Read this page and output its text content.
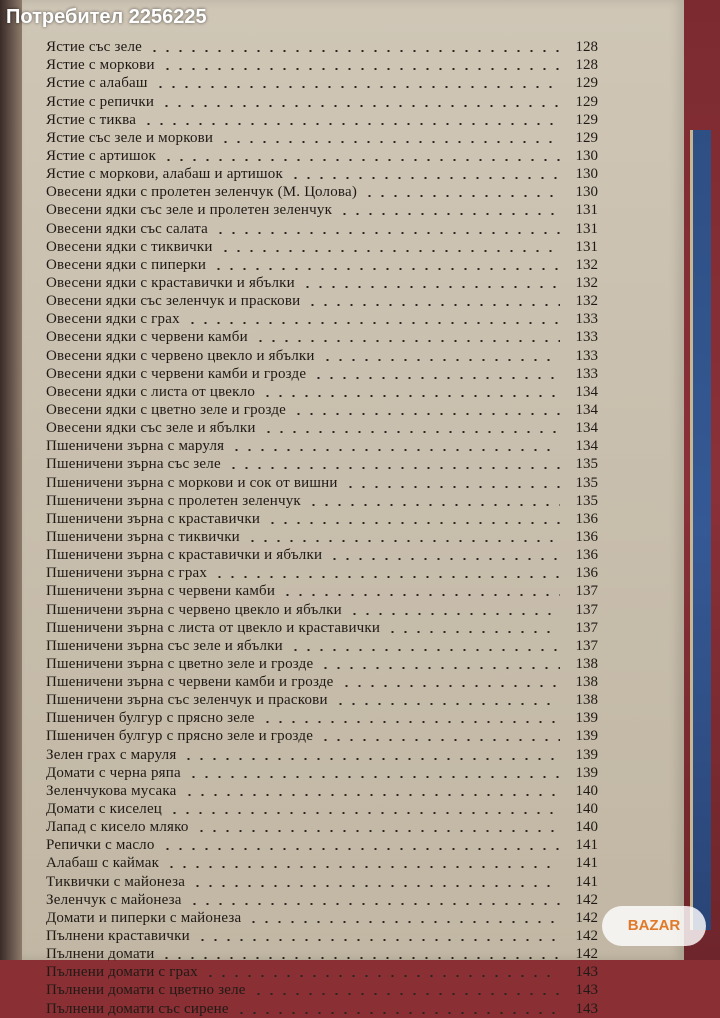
Ястие със зеле	128
Ястие с моркови	128
Ястие с алабаш	129
Ястие с репички	129
Ястие с тиква	129
Ястие със зеле и моркови	129
Ястие с артишок	130
Ястие с моркови, алабаш и артишок	130
Овесени ядки с пролетен зеленчук (М. Цолова)	130
Овесени ядки със зеле и пролетен зеленчук	131
Овесени ядки със салата	131
Овесени ядки с тиквички	131
Овесени ядки с пиперки	132
Овесени ядки с краставички и ябълки	132
Овесени ядки със зеленчук и праскови	132
Овесени ядки с грах	133
Овесени ядки с червени камби	133
Овесени ядки с червено цвекло и ябълки	133
Овесени ядки с червени камби и грозде	133
Овесени ядки с листа от цвекло	134
Овесени ядки с цветно зеле и грозде	134
Овесени ядки със зеле и ябълки	134
Пшеничени зърна с маруля	134
Пшеничени зърна със зеле	135
Пшеничени зърна с моркови и сок от вишни	135
Пшеничени зърна с пролетен зеленчук	135
Пшеничени зърна с краставички	136
Пшеничени зърна с тиквички	136
Пшеничени зърна с краставички и ябълки	136
Пшеничени зърна с грах	136
Пшеничени зърна с червени камби	137
Пшеничени зърна с червено цвекло и ябълки	137
Пшеничени зърна с листа от цвекло и краставички	137
Пшеничени зърна със зеле и ябълки	137
Пшеничени зърна с цветно зеле и грозде	138
Пшеничени зърна с червени камби и грозде	138
Пшеничени зърна със зеленчук и праскови	138
Пшеничен булгур с прясно зеле	139
Пшеничен булгур с прясно зеле и грозде	139
Зелен грах с маруля	139
Домати с черна ряпа	139
Зеленчукова мусака	140
Домати с киселец	140
Лапад с кисело мляко	140
Репички с масло	141
Алабаш с каймак	141
Тиквички с майонеза	141
Зеленчук с майонеза	142
Домати и пиперки с майонеза	142
Пълнени краставички	142
Пълнени домати	142
Пълнени домати с грах	143
Пълнени домати с цветно зеле	143
Пълнени домати със сирене	143
Потребител 2256225
BAZAR
